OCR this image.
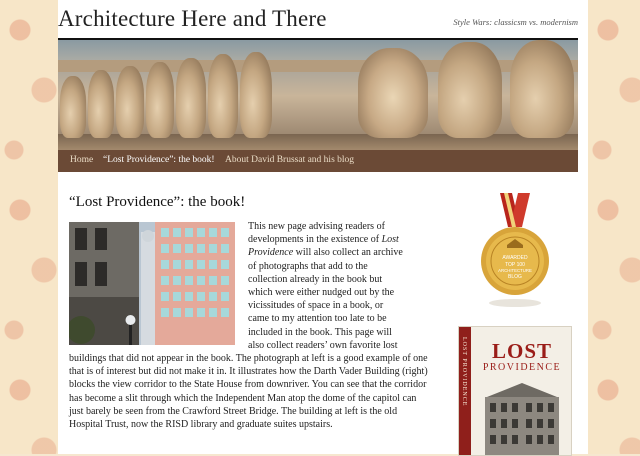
Architecture Here and There	Style Wars: classicsm vs. modernism
Home “Lost Providence”: the book! About David Brussat and his blog
“Lost Providence”: the book!

This new page advising readers of developments in the existence of Lost Providence will also collect an archive of photographs that add to the collection already in the book but which were either nudged out by the vicissitudes of space in a book, or came to my attention too late to be included in the book. This page will also collect readers’ own favorite lost

buildings that did not appear in the book. The photograph at left is a good example of one that is of interest but did not make it in. It illustrates how the Darth Vader Building (right) blocks the view corridor to the State House from downriver. You can see that the corridor has become a slit through which the Independent Man atop the dome of the capitol can just barely be seen from the Crawford Street Bridge. The building at left is the old Hospital Trust, now the RISD library and graduate suites upstairs.

AWARDED
TOP 100
ARCHITECTURE
BLOG
LOST PROVIDENCE	LOST
PROVIDENCE
